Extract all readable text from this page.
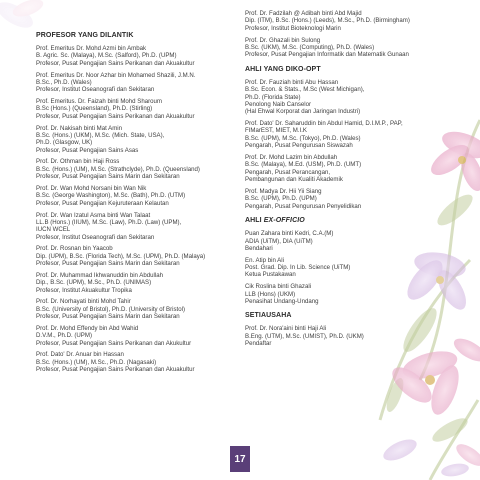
PROFESOR YANG DILANTIK
Prof. Emeritus Dr. Mohd Azmi bin Ambak
B. Agric. Sc. (Malaya), M.Sc. (Salford), Ph.D. (UPM)
Profesor, Pusat Pengajian Sains Perikanan dan Akuakultur
Prof. Emeritus Dr. Noor Azhar bin Mohamed Shazili, J.M.N.
B.Sc., Ph.D. (Wales)
Profesor, Institut Oseanografi dan Sekitaran
Prof. Emeritus. Dr. Faizah binti Mohd Sharoum
B.Sc (Hons.) (Queensland), Ph.D. (Stirling)
Profesor, Pusat Pengajian Sains Perikanan dan Akuakultur
Prof. Dr. Nakisah binti Mat Amin
B.Sc. (Hons.) (UKM), M.Sc. (Mich. State, USA),
Ph.D. (Glasgow, UK)
Profesor, Pusat Pengajian Sains Asas
Prof. Dr. Othman bin Haji Ross
B.Sc. (Hons.) (UM), M.Sc. (Strathclyde), Ph.D. (Queensland)
Profesor, Pusat Pengajian Sains Marin dan Sekitaran
Prof. Dr. Wan Mohd Norsani bin Wan Nik
B.Sc. (George Washington), M.Sc. (Bath), Ph.D. (UTM)
Profesor, Pusat Pengajian Kejuruteraan Kelautan
Prof. Dr. Wan Izatul Asma binti Wan Talaat
LL.B (Hons.) (IIUM), M.Sc. (Law), Ph.D. (Law) (UPM),
IUCN WCEL
Profesor, Institut Oseanografi dan Sekitaran
Prof. Dr. Rosnan bin Yaacob
Dip. (UPM), B.Sc. (Florida Tech), M.Sc. (UPM), Ph.D. (Malaya)
Profesor, Pusat Pengajian Sains Marin dan Sekitaran
Prof. Dr. Muhammad Ikhwanuddin bin Abdullah
Dip., B.Sc. (UPM), M.Sc., Ph.D. (UNIMAS)
Profesor, Institut Akuakultur Tropika
Prof. Dr. Norhayati binti Mohd Tahir
B.Sc. (University of Bristol), Ph.D. (University of Bristol)
Profesor, Pusat Pengajian Sains Marin dan Sekitaran
Prof. Dr. Mohd Effendy bin Abd Wahid
D.V.M., Ph.D. (UPM)
Profesor, Pusat Pengajian Sains Perikanan dan Akukultur
Prof. Dato' Dr. Anuar bin Hassan
B.Sc. (Hons.) (UM), M.Sc., Ph.D. (Nagasaki)
Profesor, Pusat Pengajian Sains Perikanan dan Akuakultur
Prof. Dr. Fadzilah @ Adibah binti Abd Majid
Dip. (ITM), B.Sc. (Hons.) (Leeds), M.Sc., Ph.D. (Birmingham)
Profesor, Institut Bioteknologi Marin
Prof. Dr. Ghazali bin Sulong
B.Sc. (UKM), M.Sc. (Computing), Ph.D. (Wales)
Profesor, Pusat Pengajian Informatik dan Matematik Gunaan
AHLI YANG DIKO-OPT
Prof. Dr. Fauziah binti Abu Hassan
B.Sc. Econ. & Stats., M.Sc (West Michigan),
Ph.D. (Florida State)
Penolong Naib Canselor
(Hal Ehwal Korporat dan Jaringan Industri)
Prof. Dato' Dr. Saharuddin bin Abdul Hamid, D.I.M.P., PAP,
FIMarEST, MIET, M.I.K
B.Sc. (UPM), M.Sc. (Tokyo), Ph.D. (Wales)
Pengarah, Pusat Pengurusan Siswazah
Prof. Dr. Mohd Lazim bin Abdullah
B.Sc. (Malaya), M.Ed. (USM), Ph.D. (UMT)
Pengarah, Pusat Perancangan,
Pembangunan dan Kualiti Akademik
Prof. Madya Dr. Hii Yii Siang
B.Sc. (UPM), Ph.D. (UPM)
Pengarah, Pusat Pengurusan Penyelidikan
AHLI EX-OFFICIO
Puan Zahara binti Kedri, C.A.(M)
ADIA (UiTM), DIA (UiTM)
Bendahari
En. Atip bin Ali
Post. Grad. Dip. In Lib. Science (UiTM)
Ketua Pustakawan
Cik Roslina binti Ghazali
LLB (Hons) (UKM)
Penasihat Undang-Undang
SETIAUSAHA
Prof. Dr. Nora'aini binti Haji Ali
B.Eng. (UTM), M.Sc. (UMIST), Ph.D. (UKM)
Pendaftar
17
